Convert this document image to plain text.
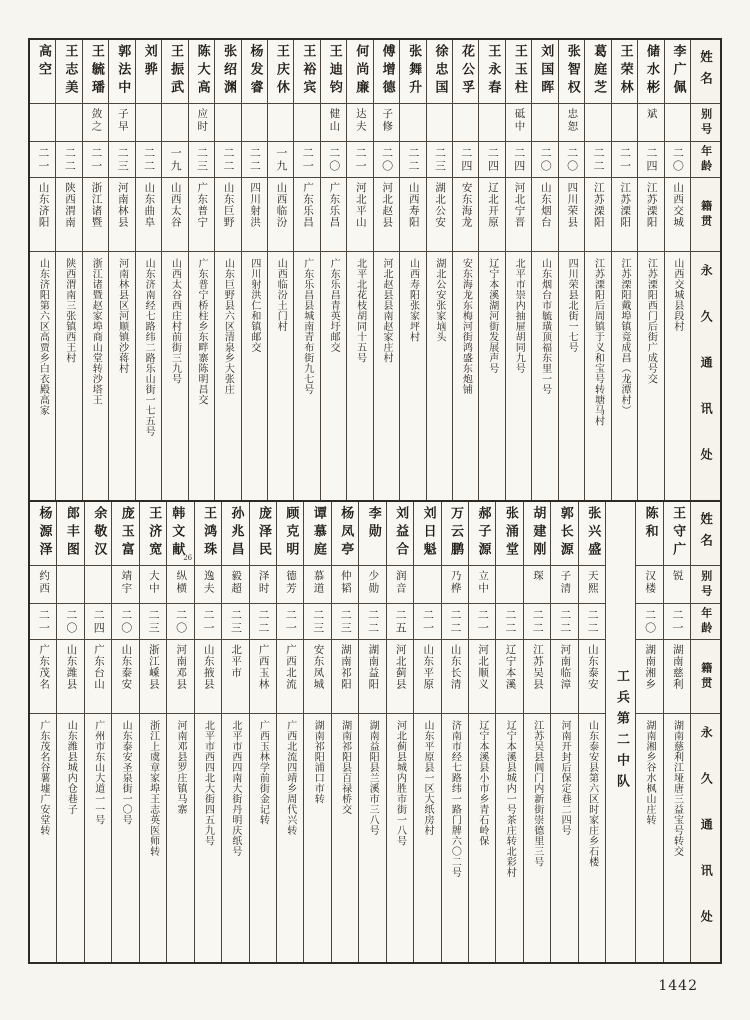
高空
二一
山东济阳
山东济阳第六区高贾乡白衣殿高家
王志美
二二
陕西渭南
陕西渭南三张镇西王村
王毓璠
敛之
二一
浙江诸暨
浙江诸暨赵家埠商山堂转沙塔王
郭法中
子早
二三
河南林县
河南林县区河顺镇沙蒋村
刘骅
二二
山东曲阜
山东济南经七路纬二路乐山街一七五号
王振武
一九
山西太谷
山西太谷西庄村前街三九号
陈大高
应时
二三
广东普宁
广东普宁桥柱乡东畔寨陈明昌交
张绍渊
二二
山东巨野
山东巨野县六区清泉乡大张庄
杨发睿
二二
四川射洪
四川射洪仁和镇邮交
王庆休
一九
山西临汾
山西临汾土门村
王裕宾
二一
广东乐昌
广东乐昌县城南青布街九七号
王迪钧
健山
二〇
广东乐昌
广东乐昌青英圩邮交
何尚廉
达夫
二一
河北平山
北平北花枝胡同十五号
傅增德
子修
二〇
河北赵县
河北赵县县南赵家庄村
张舞升
二二
山西寿阳
山西寿阳张家坪村
徐忠国
二三
湖北公安
湖北公安张家垴头
花公孚
二四
安东海龙
安东海龙东梅河街鸿盛东炮铺
王永春
二四
辽北开原
辽宁本溪湖河街发展声号
王玉柱
砥中
二四
河北宁晋
北平市崇内抽屉胡同九号
刘国晖
二〇
山东烟台
山东烟台市毓璜顶福东里一号
张智权
忠恕
二〇
四川荣县
四川荣县北街一七号
葛庭芝
二二
江苏溧阳
江苏溧阳后周镇于义和宝号转塘马村
王荣林
二一
江苏溧阳
江苏溧阳戴埠镇竟成昌（龙潭村）
储水彬
斌
二四
江苏溧阳
江苏溧阳西门后街广成号交
李广佩
二〇
山西交城
山西交城县段村
姓名
别号
年龄
籍贯
永久通讯处
杨源泽
约西
二一
广东茂名
广东茂名谷薯墟广安堂转
郎丰图
二〇
山东潍县
山东潍县城内仓巷子
余敬汉
二四
广东台山
广州市东山大道一一号
庞玉富
靖宇
二〇
山东泰安
山东泰安圣泉街一〇号
王济宽
大中
二三
浙江嵊县
浙江上虞章家埠王志英医师转
韩文献 26
纵横
二〇
河南邓县
河南邓县罗庄镇马寨
王鸿珠
逸夫
二一
山东掖县
北平市西四北大街四五九号
孙兆昌
毅超
二三
北平市
北平市西四南大街丹明庆纸号
庞泽民
泽时
二二
广西玉林
广西玉林学前街金记转
顾克明
德芳
二一
广西北流
广西北流四靖乡周代兴转
谭慕庭
慕道
二三
安东凤城
湖南祁阳浦口市转
杨凤亭
仲韬
二三
湖南祁阳
湖南祁阳县百禄桥交
李勋
少勋
二二
湖南益阳
湖南益阳县兰溪市三八号
刘益合
润音
二五
河北蓟县
河北蓟县城内胜市街一八号
刘日魁
二一
山东平原
山东平原县一区大纸房村
万云鹏
乃桦
二二
山东长清
济南市经七路纬一路门牌六〇二号
郝子源
立中
二一
河北顺义
辽宁本溪县小市乡青石岭保
张涌堂
二二
辽宁本溪
辽宁本溪县城内一号茶庄转北彩村
胡建刚
琛
二二
江苏吴县
江苏吴县阊门内新街崇德里三号
郭长源
子清
二二
河南临漳
河南开封后保定巷二四号
张兴盛
天熙
二二
山东泰安
山东泰安县第六区时家庄乡石楼 工兵第二中队
陈和
汉楼
二〇
湖南湘乡
湖南湘乡谷水枫山庄转
王守广
锐
二一
湖南慈利
湖南慈利江垭唐三益宝号转交
姓名
别号
年龄
籍贯
永久通讯处
1442
